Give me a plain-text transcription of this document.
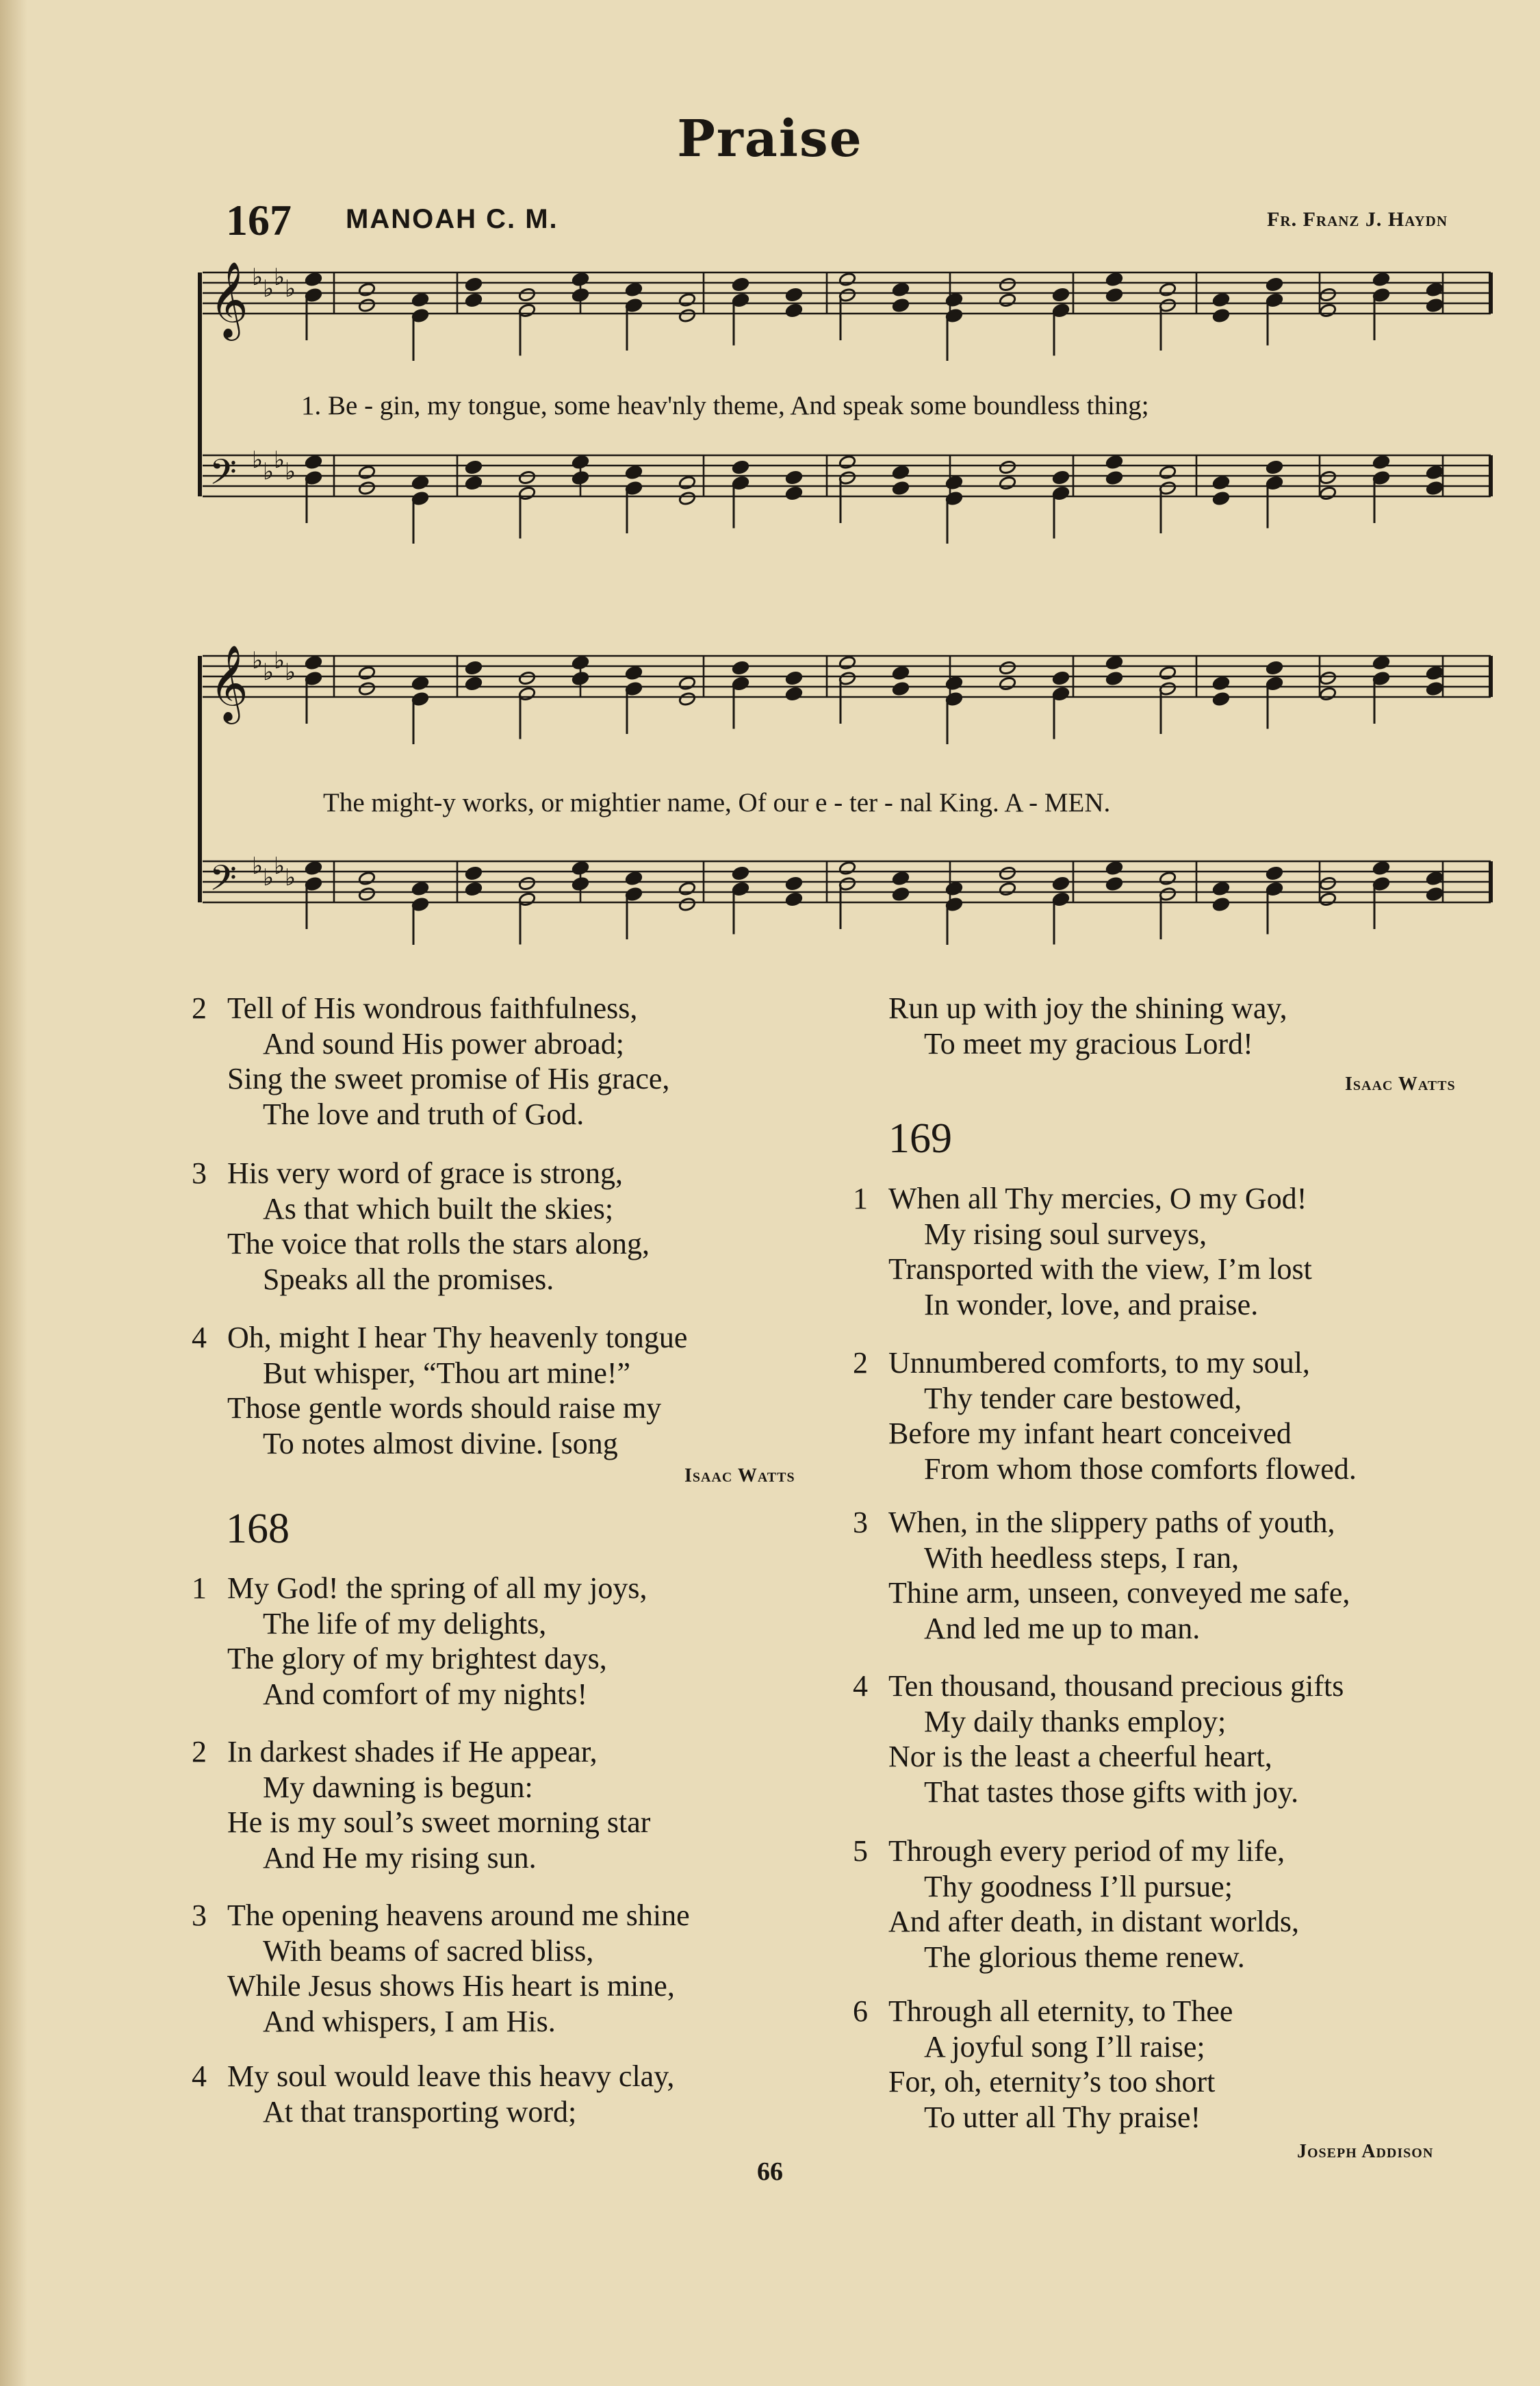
Praise
167 MANOAH C. M.	Fr. Franz J. Haydn
𝄞 ♭ ♭ ♭ ♭
𝄢 ♭ ♭ ♭ ♭
𝄞 ♭ ♭ ♭ ♭
𝄢 ♭ ♭ ♭ ♭
1. Be - gin, my tongue, some heav'nly theme, And speak some boundless thing;
The might-y works, or mightier name, Of our e - ter - nal King. A - MEN.
2 Tell of His wondrous faithfulness,
And sound His power abroad;
Sing the sweet promise of His grace,
The love and truth of God.
3 His very word of grace is strong,
As that which built the skies;
The voice that rolls the stars along,
Speaks all the promises.
4 Oh, might I hear Thy heavenly tongue
But whisper, “Thou art mine!”
Those gentle words should raise my
To notes almost divine. [song
Isaac Watts
168
1 My God! the spring of all my joys,
The life of my delights,
The glory of my brightest days,
And comfort of my nights!
2 In darkest shades if He appear,
My dawning is begun:
He is my soul’s sweet morning star
And He my rising sun.
3 The opening heavens around me shine
With beams of sacred bliss,
While Jesus shows His heart is mine,
And whispers, I am His.
4 My soul would leave this heavy clay,
At that transporting word;
Run up with joy the shining way,
To meet my gracious Lord!
Isaac Watts
169
1 When all Thy mercies, O my God!
My rising soul surveys,
Transported with the view, I’m lost
In wonder, love, and praise.
2 Unnumbered comforts, to my soul,
Thy tender care bestowed,
Before my infant heart conceived
From whom those comforts flowed.
3 When, in the slippery paths of youth,
With heedless steps, I ran,
Thine arm, unseen, conveyed me safe,
And led me up to man.
4 Ten thousand, thousand precious gifts
My daily thanks employ;
Nor is the least a cheerful heart,
That tastes those gifts with joy.
5 Through every period of my life,
Thy goodness I’ll pursue;
And after death, in distant worlds,
The glorious theme renew.
6 Through all eternity, to Thee
A joyful song I’ll raise;
For, oh, eternity’s too short
To utter all Thy praise!
Joseph Addison
66
